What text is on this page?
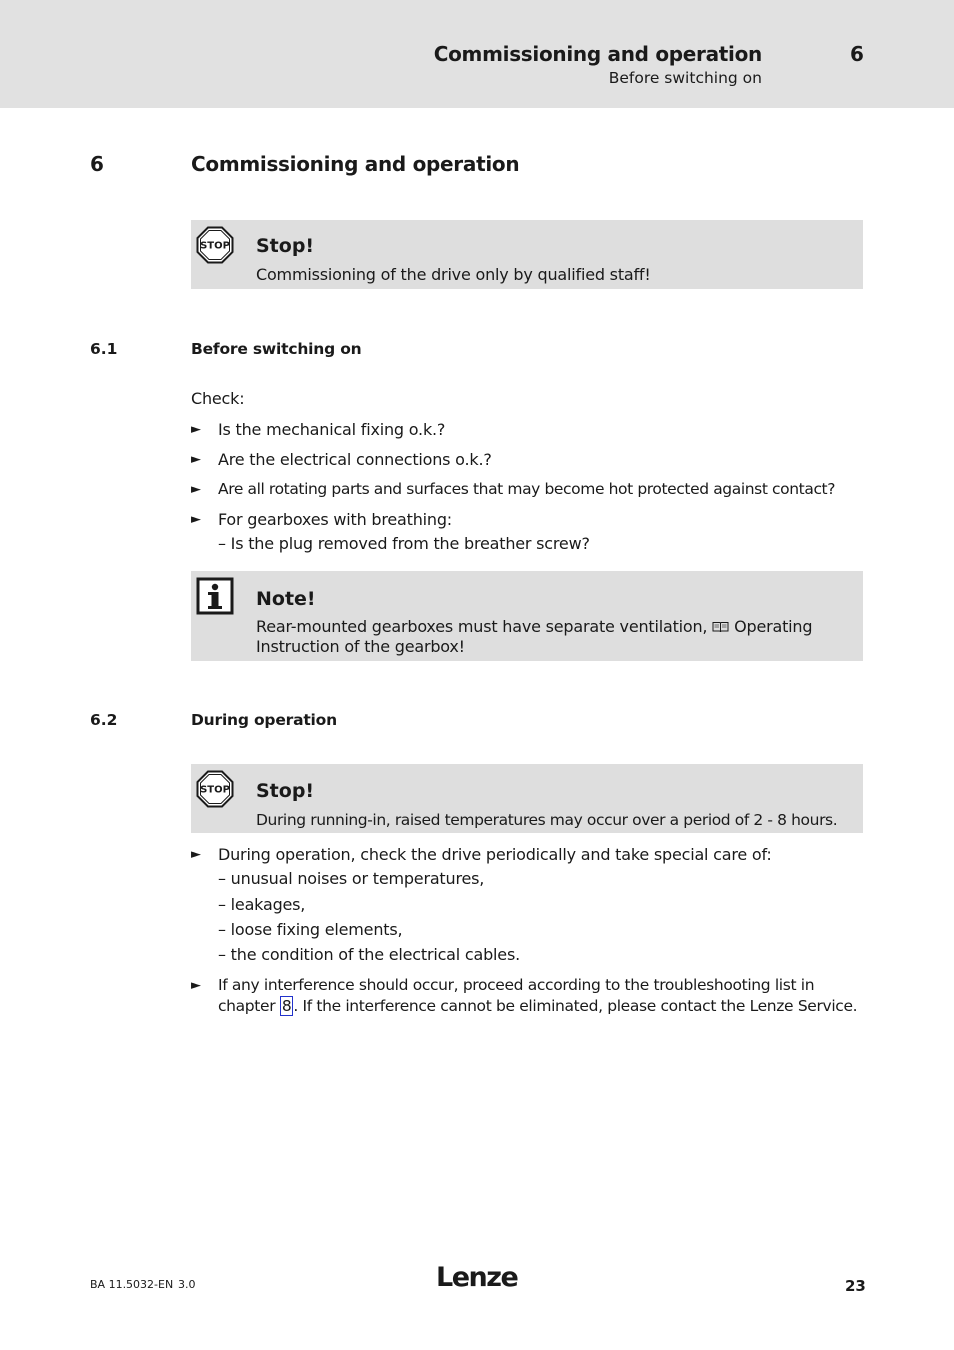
Commissioning and operation
Before switching on
6
6	Commissioning and operation
STOP Stop!
Commissioning of the drive only by qualified staff!
6.1	Before switching on
Check:
► Is the mechanical fixing o.k.?
► Are the electrical connections o.k.?
► Are all rotating parts and surfaces that may become hot protected against contact?
► For gearboxes with breathing:
– Is the plug removed from the breather screw?
Note!
Rear-mounted gearboxes must have separate ventilation, Operating Instruction of the gearbox!
6.2	During operation
STOP Stop!
During running-in, raised temperatures may occur over a period of 2 - 8 hours.
► During operation, check the drive periodically and take special care of:
– unusual noises or temperatures,
– leakages,
– loose fixing elements,
– the condition of the electrical cables.
► If any interference should occur, proceed according to the troubleshooting list in chapter 8 . If the interference cannot be eliminated, please contact the Lenze Service.
BA 11.5032-EN 3.0	Lenze	23
